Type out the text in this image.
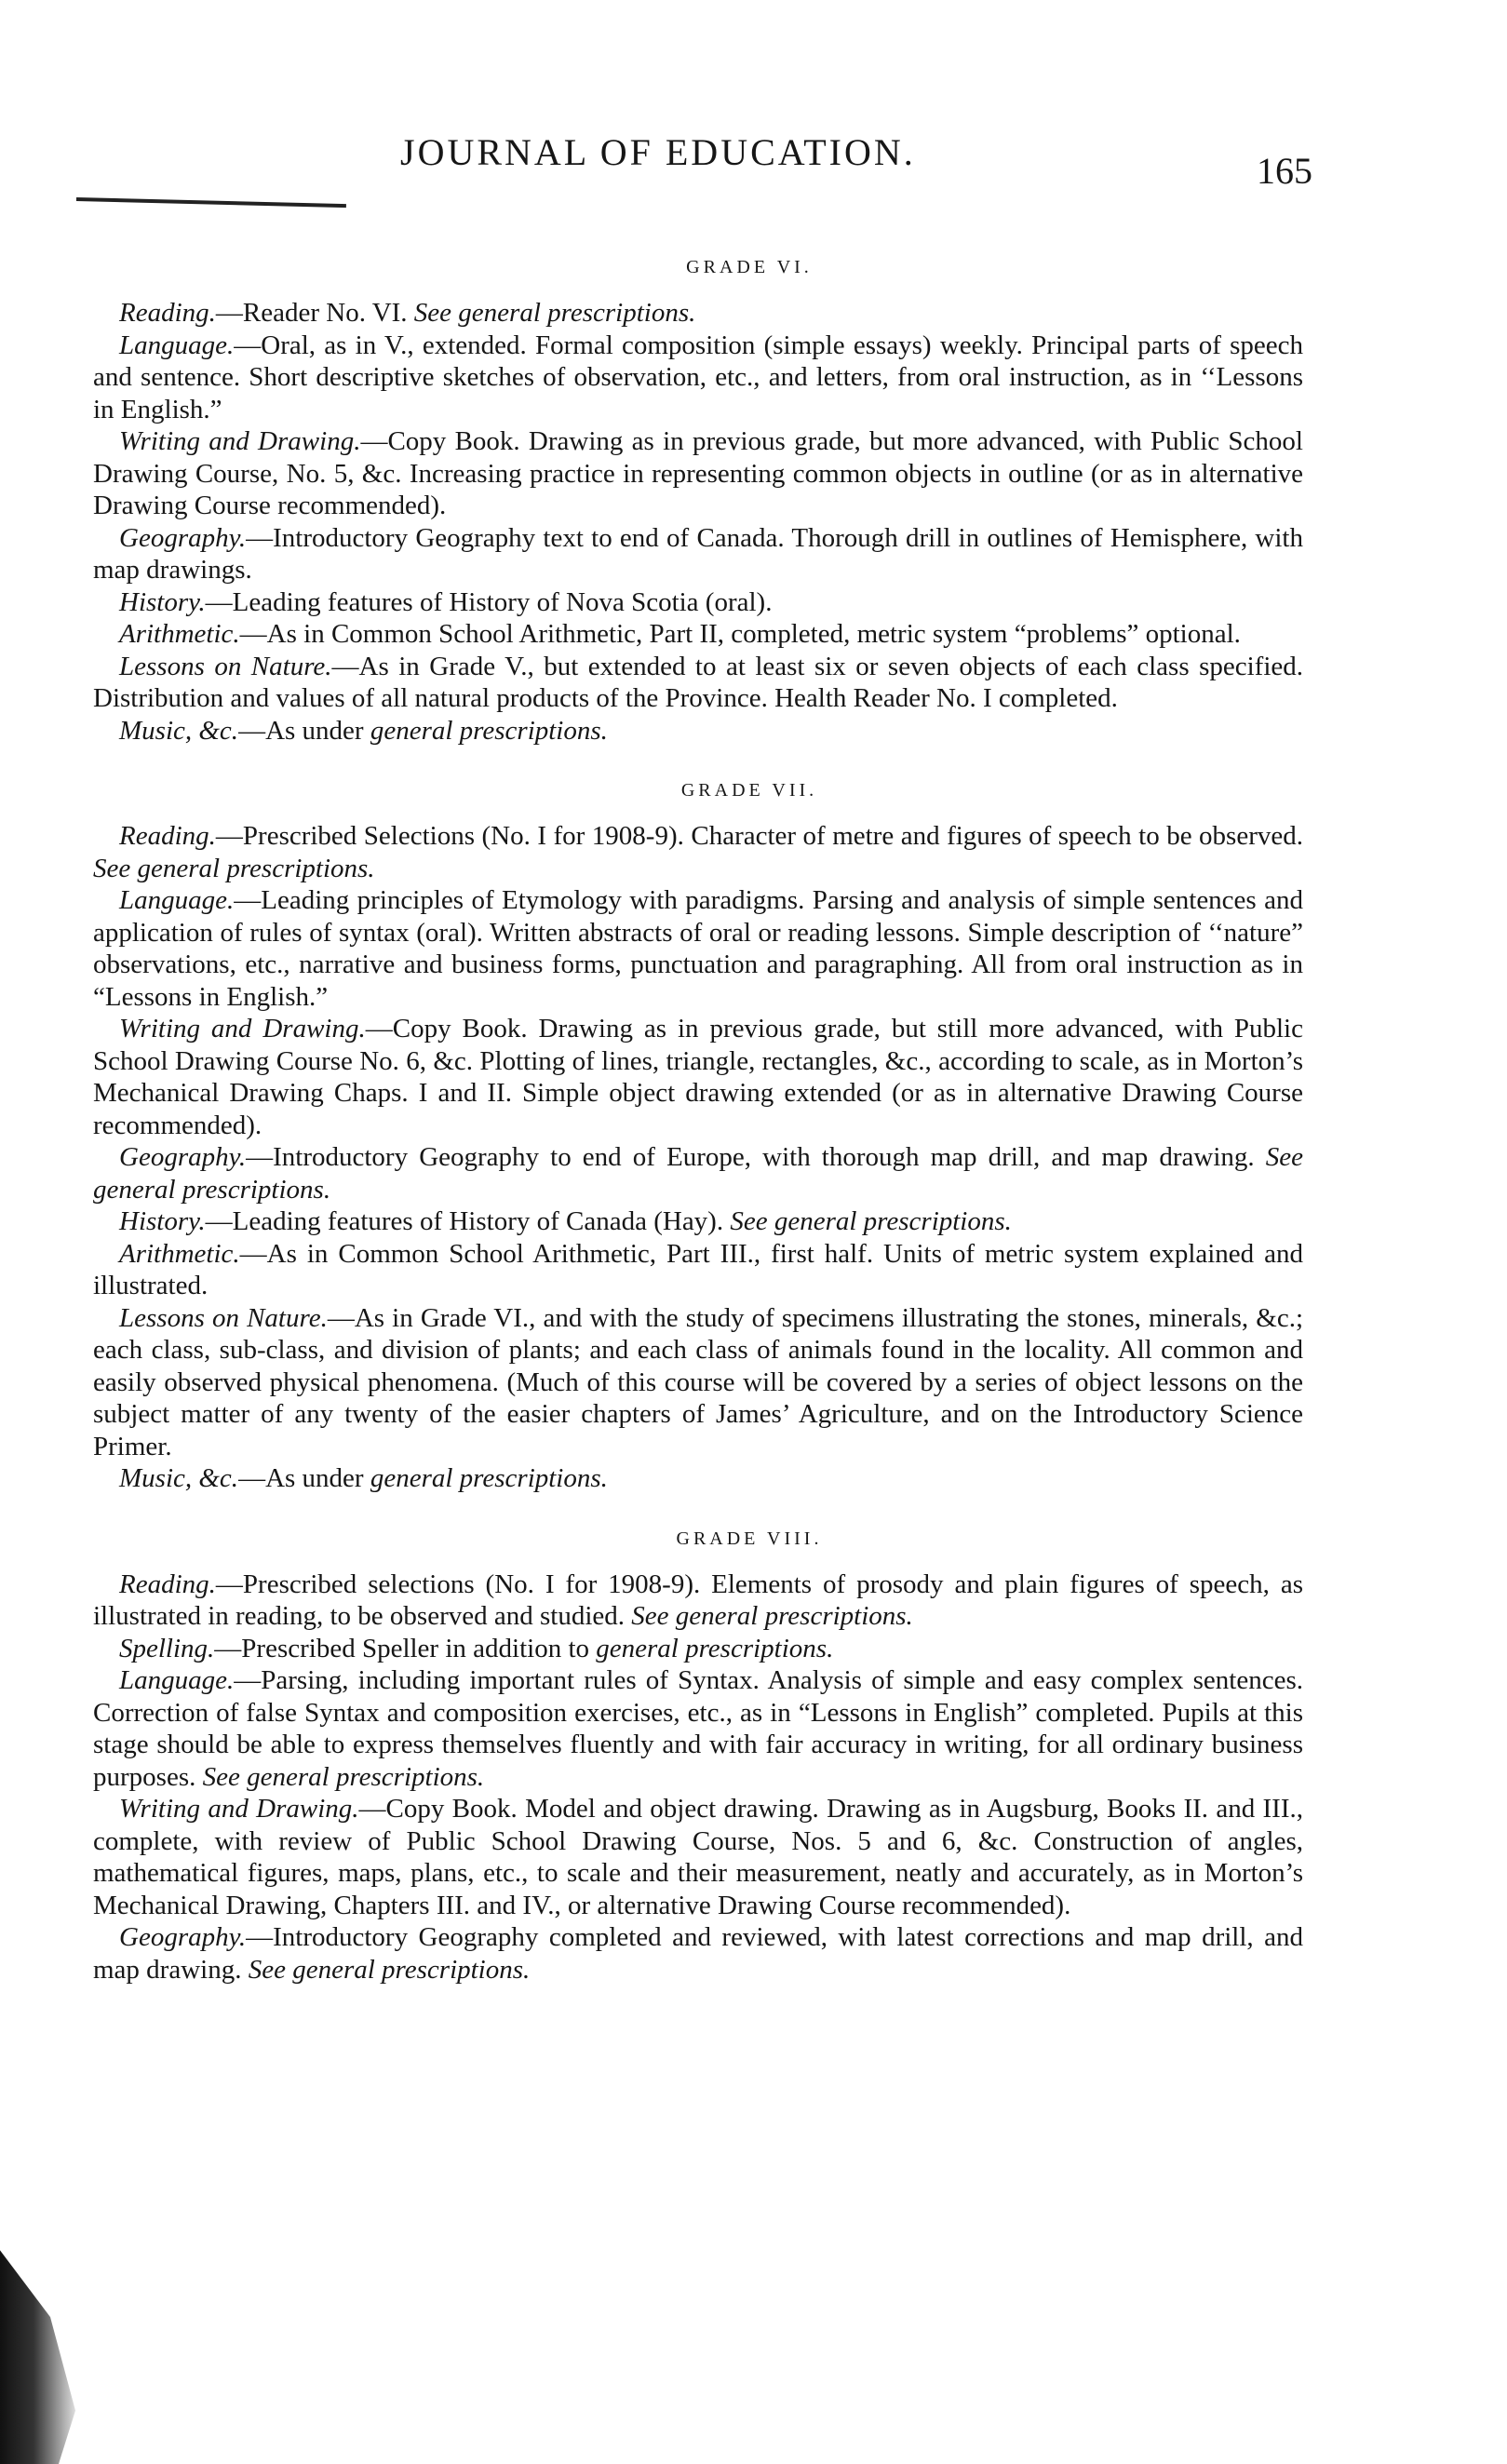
JOURNAL OF EDUCATION.	165
GRADE VI.

Reading.—Reader No. VI. See general prescriptions.

Language.—Oral, as in V., extended. Formal composition (simple essays) weekly. Principal parts of speech and sentence. Short descriptive sketches of observation, etc., and letters, from oral instruction, as in ‘‘Lessons in English.”

Writing and Drawing.—Copy Book. Drawing as in previous grade, but more advanced, with Public School Drawing Course, No. 5, &c. Increasing practice in representing common objects in outline (or as in alternative Drawing Course recommended).

Geography.—Introductory Geography text to end of Canada. Thorough drill in outlines of Hemisphere, with map drawings.

History.—Leading features of History of Nova Scotia (oral).

Arithmetic.—As in Common School Arithmetic, Part II, completed, metric system “problems” optional.

Lessons on Nature.—As in Grade V., but extended to at least six or seven objects of each class specified. Distribution and values of all natural products of the Province. Health Reader No. I completed.

Music, &c.—As under general prescriptions.

GRADE VII.

Reading.—Prescribed Selections (No. I for 1908-9). Character of metre and figures of speech to be observed. See general prescriptions.

Language.—Leading principles of Etymology with paradigms. Parsing and analysis of simple sentences and application of rules of syntax (oral). Written abstracts of oral or reading lessons. Simple description of ‘‘nature” observations, etc., narrative and business forms, punctuation and paragraphing. All from oral instruction as in “Lessons in English.”

Writing and Drawing.—Copy Book. Drawing as in previous grade, but still more advanced, with Public School Drawing Course No. 6, &c. Plotting of lines, triangle, rectangles, &c., according to scale, as in Morton’s Mechanical Drawing Chaps. I and II. Simple object drawing extended (or as in alternative Drawing Course recommended).

Geography.—Introductory Geography to end of Europe, with thorough map drill, and map drawing. See general prescriptions.

History.—Leading features of History of Canada (Hay). See general prescriptions.

Arithmetic.—As in Common School Arithmetic, Part III., first half. Units of metric system explained and illustrated.

Lessons on Nature.—As in Grade VI., and with the study of specimens illustrating the stones, minerals, &c.; each class, sub-class, and division of plants; and each class of animals found in the locality. All common and easily observed physical phenomena. (Much of this course will be covered by a series of object lessons on the subject matter of any twenty of the easier chapters of James’ Agriculture, and on the Introductory Science Primer.

Music, &c.—As under general prescriptions.

GRADE VIII.

Reading.—Prescribed selections (No. I for 1908-9). Elements of prosody and plain figures of speech, as illustrated in reading, to be observed and studied. See general prescriptions.

Spelling.—Prescribed Speller in addition to general prescriptions.

Language.—Parsing, including important rules of Syntax. Analysis of simple and easy complex sentences. Correction of false Syntax and composition exercises, etc., as in “Lessons in English” completed. Pupils at this stage should be able to express themselves fluently and with fair accuracy in writing, for all ordinary business purposes. See general prescriptions.

Writing and Drawing.—Copy Book. Model and object drawing. Drawing as in Augsburg, Books II. and III., complete, with review of Public School Drawing Course, Nos. 5 and 6, &c. Construction of angles, mathematical figures, maps, plans, etc., to scale and their measurement, neatly and accurately, as in Morton’s Mechanical Drawing, Chapters III. and IV., or alternative Drawing Course recommended).

Geography.—Introductory Geography completed and reviewed, with latest corrections and map drill, and map drawing. See general prescriptions.
